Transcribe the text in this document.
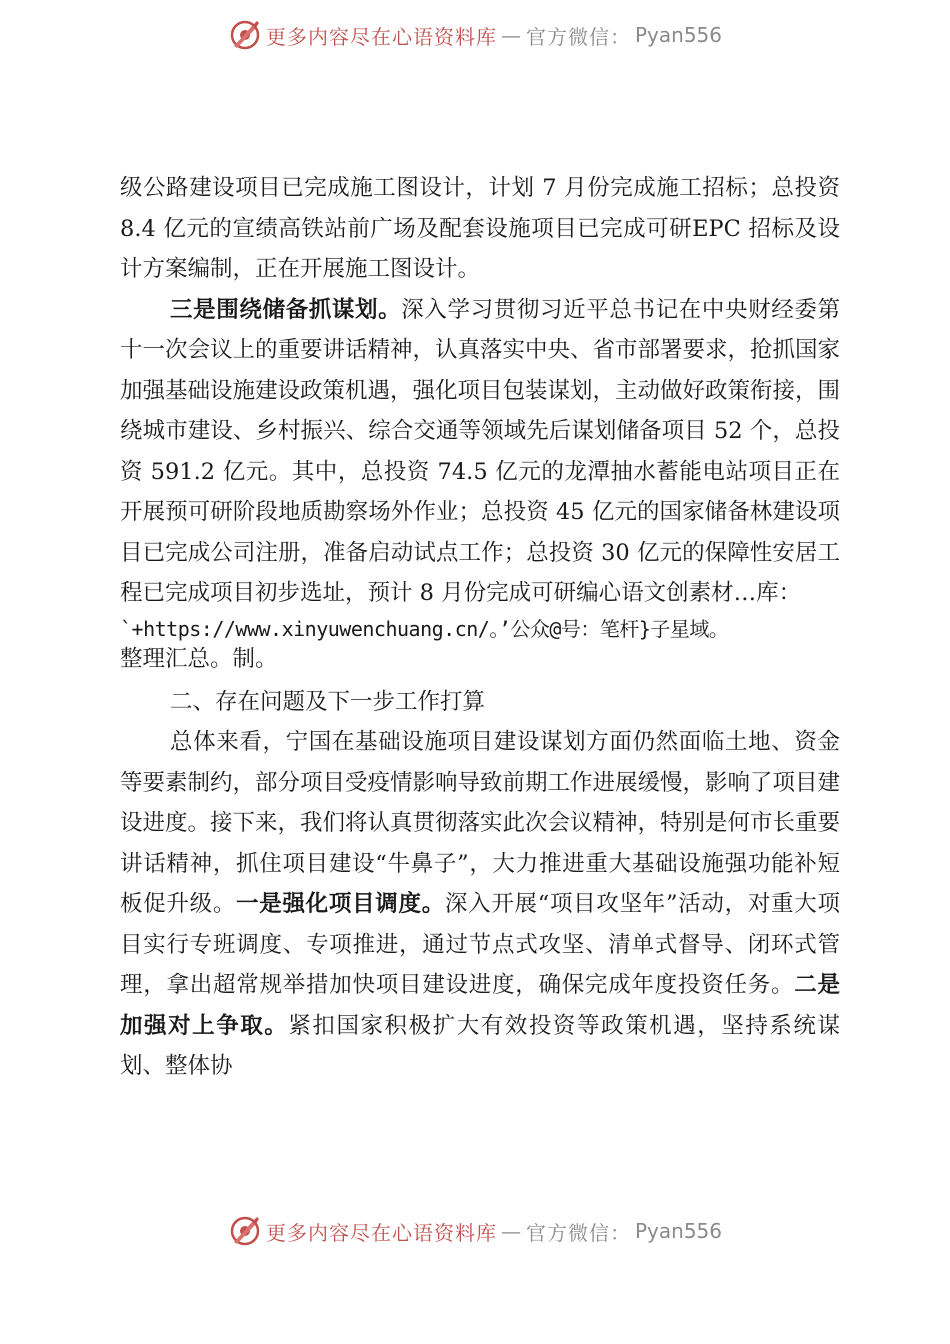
更多内容尽在心语资料库 — 官方微信： Pyan556

级公路建设项目已完成施工图设计，计划 7 月份完成施工招标；总投资 8.4 亿元的宣绩高铁站前广场及配套设施项目已完成可研EPC 招标及设计方案编制，正在开展施工图设计。

三是围绕储备抓谋划。深入学习贯彻习近平总书记在中央财经委第十一次会议上的重要讲话精神，认真落实中央、省市部署要求，抢抓国家加强基础设施建设政策机遇，强化项目包装谋划，主动做好政策衔接，围绕城市建设、乡村振兴、综合交通等领域先后谋划储备项目 52 个，总投资 591.2 亿元。其中，总投资 74.5 亿元的龙潭抽水蓄能电站项目正在开展预可研阶段地质勘察场外作业；总投资 45 亿元的国家储备林建设项目已完成公司注册，准备启动试点工作；总投资 30 亿元的保障性安居工程已完成项目初步选址，预计 8 月份完成可研编心语文创素材…库：

`+https://www.xinyuwenchuang.cn/。’公众@号：笔杆}子星域。

整理汇总。制。

二、存在问题及下一步工作打算

总体来看，宁国在基础设施项目建设谋划方面仍然面临土地、资金等要素制约，部分项目受疫情影响导致前期工作进展缓慢，影响了项目建设进度。接下来，我们将认真贯彻落实此次会议精神，特别是何市长重要讲话精神，抓住项目建设“牛鼻子”，大力推进重大基础设施强功能补短板促升级。一是强化项目调度。深入开展“项目攻坚年”活动，对重大项目实行专班调度、专项推进，通过节点式攻坚、清单式督导、闭环式管理，拿出超常规举措加快项目建设进度，确保完成年度投资任务。二是加强对上争取。紧扣国家积极扩大有效投资等政策机遇，坚持系统谋划、整体协

更多内容尽在心语资料库 — 官方微信： Pyan556
